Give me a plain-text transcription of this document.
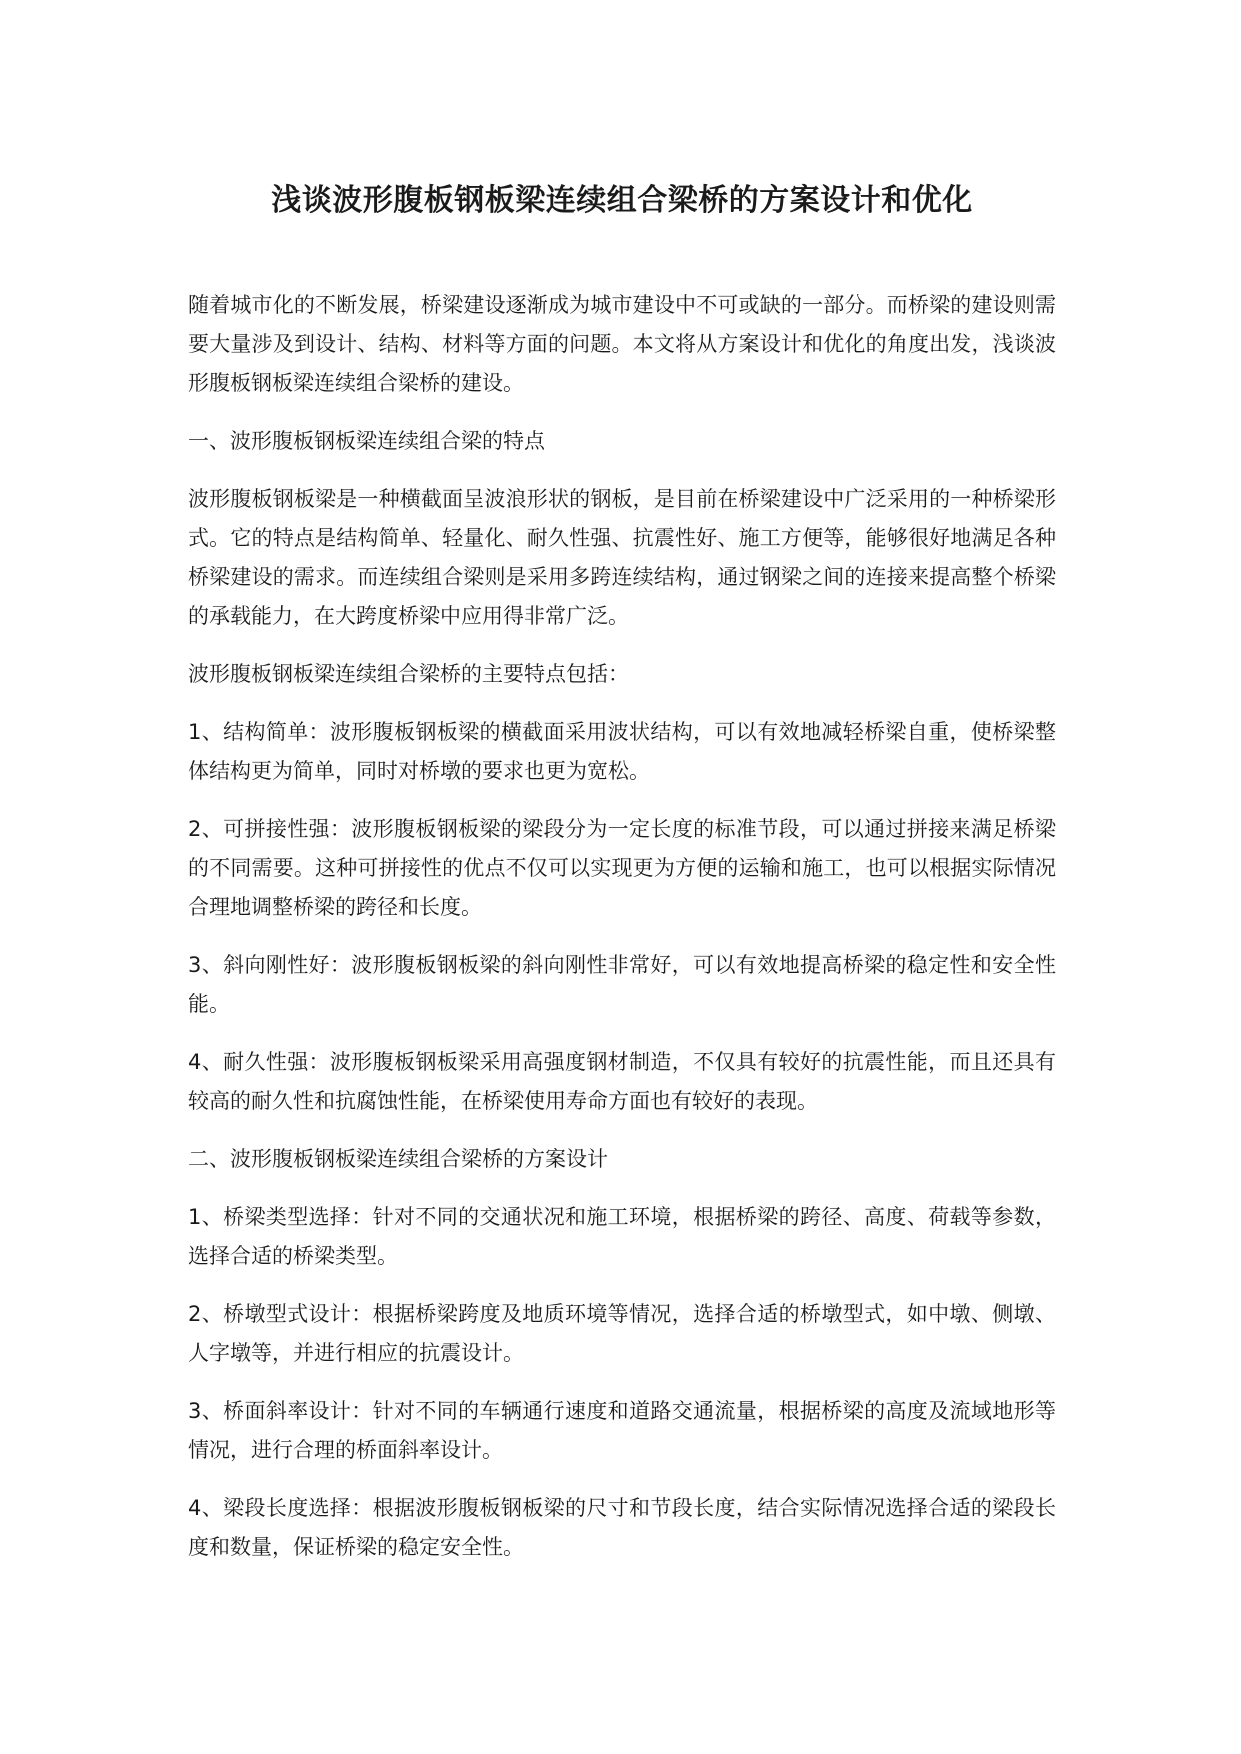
浅谈波形腹板钢板梁连续组合梁桥的方案设计和优化

随着城市化的不断发展，桥梁建设逐渐成为城市建设中不可或缺的一部分。而桥梁的建设则需要大量涉及到设计、结构、材料等方面的问题。本文将从方案设计和优化的角度出发，浅谈波形腹板钢板梁连续组合梁桥的建设。

一、波形腹板钢板梁连续组合梁的特点

波形腹板钢板梁是一种横截面呈波浪形状的钢板，是目前在桥梁建设中广泛采用的一种桥梁形式。它的特点是结构简单、轻量化、耐久性强、抗震性好、施工方便等，能够很好地满足各种桥梁建设的需求。而连续组合梁则是采用多跨连续结构，通过钢梁之间的连接来提高整个桥梁的承载能力，在大跨度桥梁中应用得非常广泛。

波形腹板钢板梁连续组合梁桥的主要特点包括：

1、结构简单：波形腹板钢板梁的横截面采用波状结构，可以有效地减轻桥梁自重，使桥梁整体结构更为简单，同时对桥墩的要求也更为宽松。

2、可拼接性强：波形腹板钢板梁的梁段分为一定长度的标准节段，可以通过拼接来满足桥梁的不同需要。这种可拼接性的优点不仅可以实现更为方便的运输和施工，也可以根据实际情况合理地调整桥梁的跨径和长度。

3、斜向刚性好：波形腹板钢板梁的斜向刚性非常好，可以有效地提高桥梁的稳定性和安全性能。

4、耐久性强：波形腹板钢板梁采用高强度钢材制造，不仅具有较好的抗震性能，而且还具有较高的耐久性和抗腐蚀性能，在桥梁使用寿命方面也有较好的表现。

二、波形腹板钢板梁连续组合梁桥的方案设计

1、桥梁类型选择：针对不同的交通状况和施工环境，根据桥梁的跨径、高度、荷载等参数，选择合适的桥梁类型。

2、桥墩型式设计：根据桥梁跨度及地质环境等情况，选择合适的桥墩型式，如中墩、侧墩、人字墩等，并进行相应的抗震设计。

3、桥面斜率设计：针对不同的车辆通行速度和道路交通流量，根据桥梁的高度及流域地形等情况，进行合理的桥面斜率设计。

4、梁段长度选择：根据波形腹板钢板梁的尺寸和节段长度，结合实际情况选择合适的梁段长度和数量，保证桥梁的稳定安全性。
